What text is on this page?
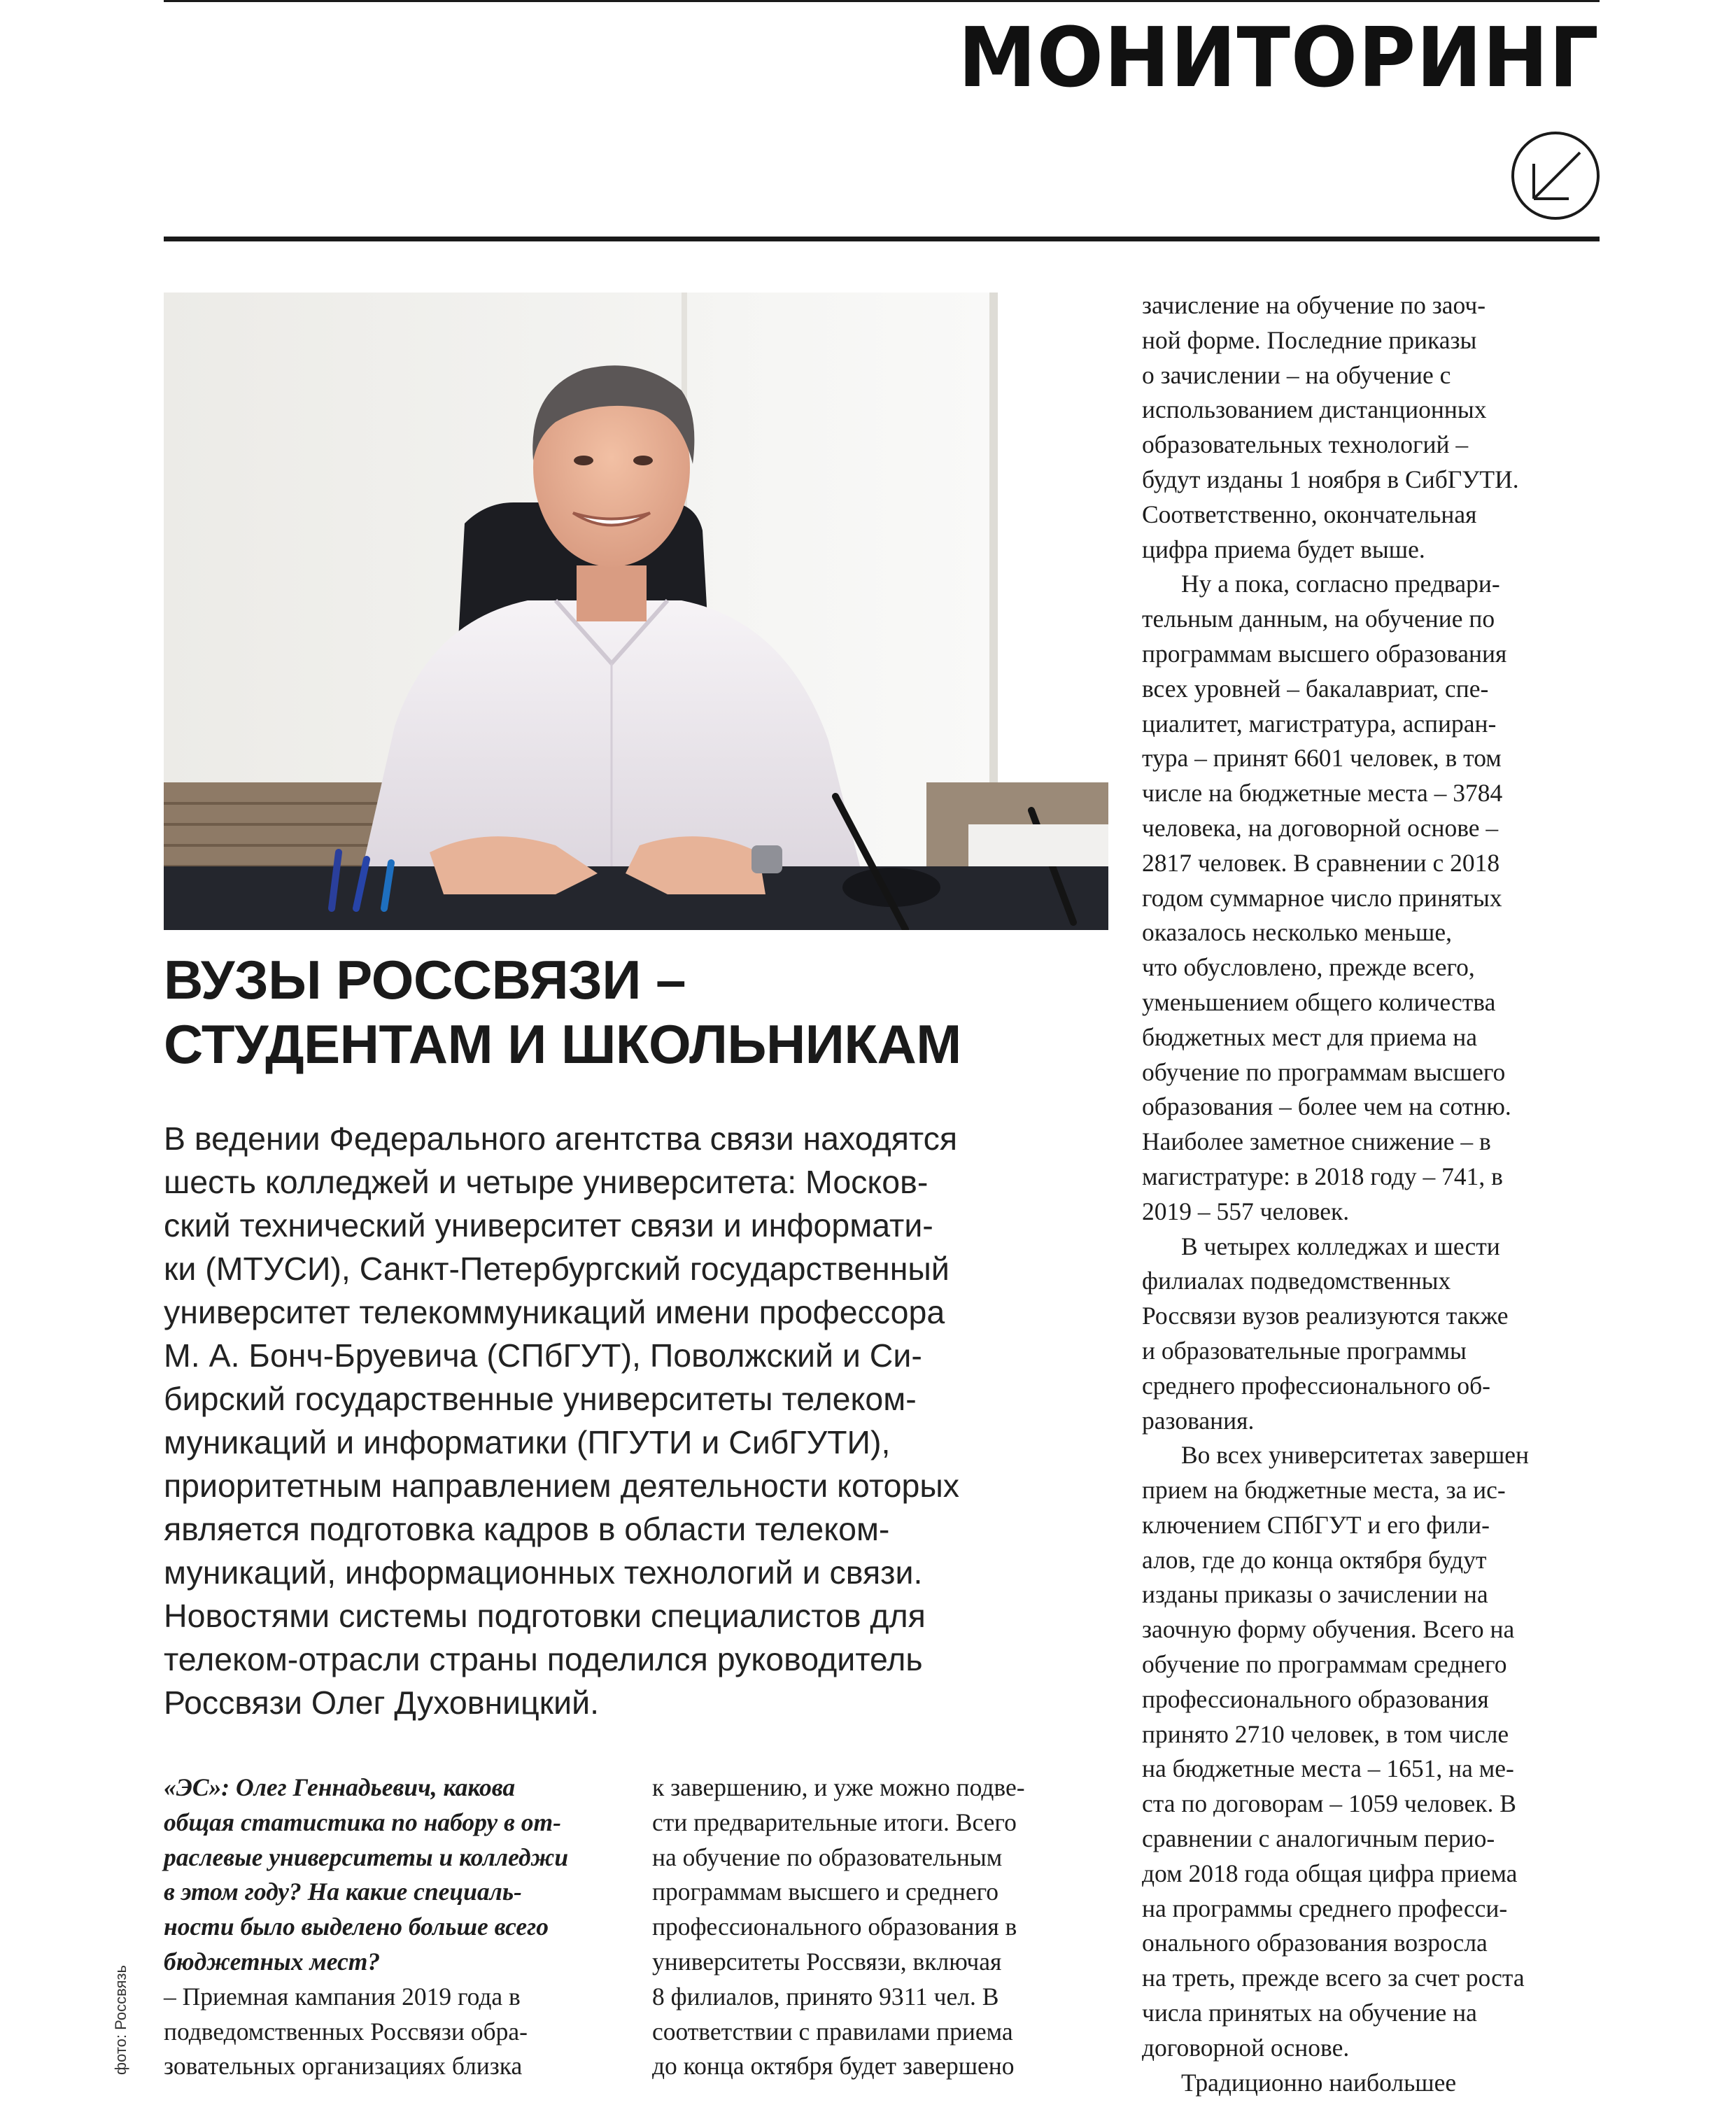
МОНИТОРИНГ
ВУЗЫ РОССВЯЗИ –
СТУДЕНТАМ И ШКОЛЬНИКАМ
В ведении Федерального агентства связи находятся
шесть колледжей и четыре университета: Москов-
ский технический университет связи и информати-
ки (МТУСИ), Санкт-Петербургский государственный
университет телекоммуникаций имени профессора
М. А. Бонч-Бруевича (СПбГУТ), Поволжский и Си-
бирский государственные университеты телеком-
муникаций и информатики (ПГУТИ и СибГУТИ),
приоритетным направлением деятельности которых
является подготовка кадров в области телеком-
муникаций, информационных технологий и связи.
Новостями системы подготовки специалистов для
телеком-отрасли страны поделился руководитель
Россвязи Олег Духовницкий.
«ЭС»: Олег Геннадьевич, какова
общая статистика по набору в от-
раслевые университеты и колледжи
в этом году? На какие специаль-
ности было выделено больше всего
бюджетных мест?
– Приемная кампания 2019 года в
подведомственных Россвязи обра-
зовательных организациях близка
к завершению, и уже можно подве-
сти предварительные итоги. Всего
на обучение по образовательным
программам высшего и среднего
профессионального образования в
университеты Россвязи, включая
8 филиалов, принято 9311 чел. В
соответствии с правилами приема
до конца октября будет завершено
зачисление на обучение по заоч-
ной форме. Последние приказы
о зачислении – на обучение с
использованием дистанционных
образовательных технологий –
будут изданы 1 ноября в СибГУТИ.
Соответственно, окончательная
цифра приема будет выше.
Ну а пока, согласно предвари-
тельным данным, на обучение по
программам высшего образования
всех уровней – бакалавриат, спе-
циалитет, магистратура, аспиран-
тура – принят 6601 человек, в том
числе на бюджетные места – 3784
человека, на договорной основе –
2817 человек. В сравнении с 2018
годом суммарное число принятых
оказалось несколько меньше,
что обусловлено, прежде всего,
уменьшением общего количества
бюджетных мест для приема на
обучение по программам высшего
образования – более чем на сотню.
Наиболее заметное снижение – в
магистратуре: в 2018 году – 741, в
2019 – 557 человек.
В четырех колледжах и шести
филиалах подведомственных
Россвязи вузов реализуются также
и образовательные программы
среднего профессионального об-
разования.
Во всех университетах завершен
прием на бюджетные места, за ис-
ключением СПбГУТ и его фили-
алов, где до конца октября будут
изданы приказы о зачислении на
заочную форму обучения. Всего на
обучение по программам среднего
профессионального образования
принято 2710 человек, в том числе
на бюджетные места – 1651, на ме-
ста по договорам – 1059 человек. В
сравнении с аналогичным перио-
дом 2018 года общая цифра приема
на программы среднего професси-
онального образования возросла
на треть, прежде всего за счет роста
числа принятых на обучение на
договорной основе.
Традиционно наибольшее
фото: Россвязь
